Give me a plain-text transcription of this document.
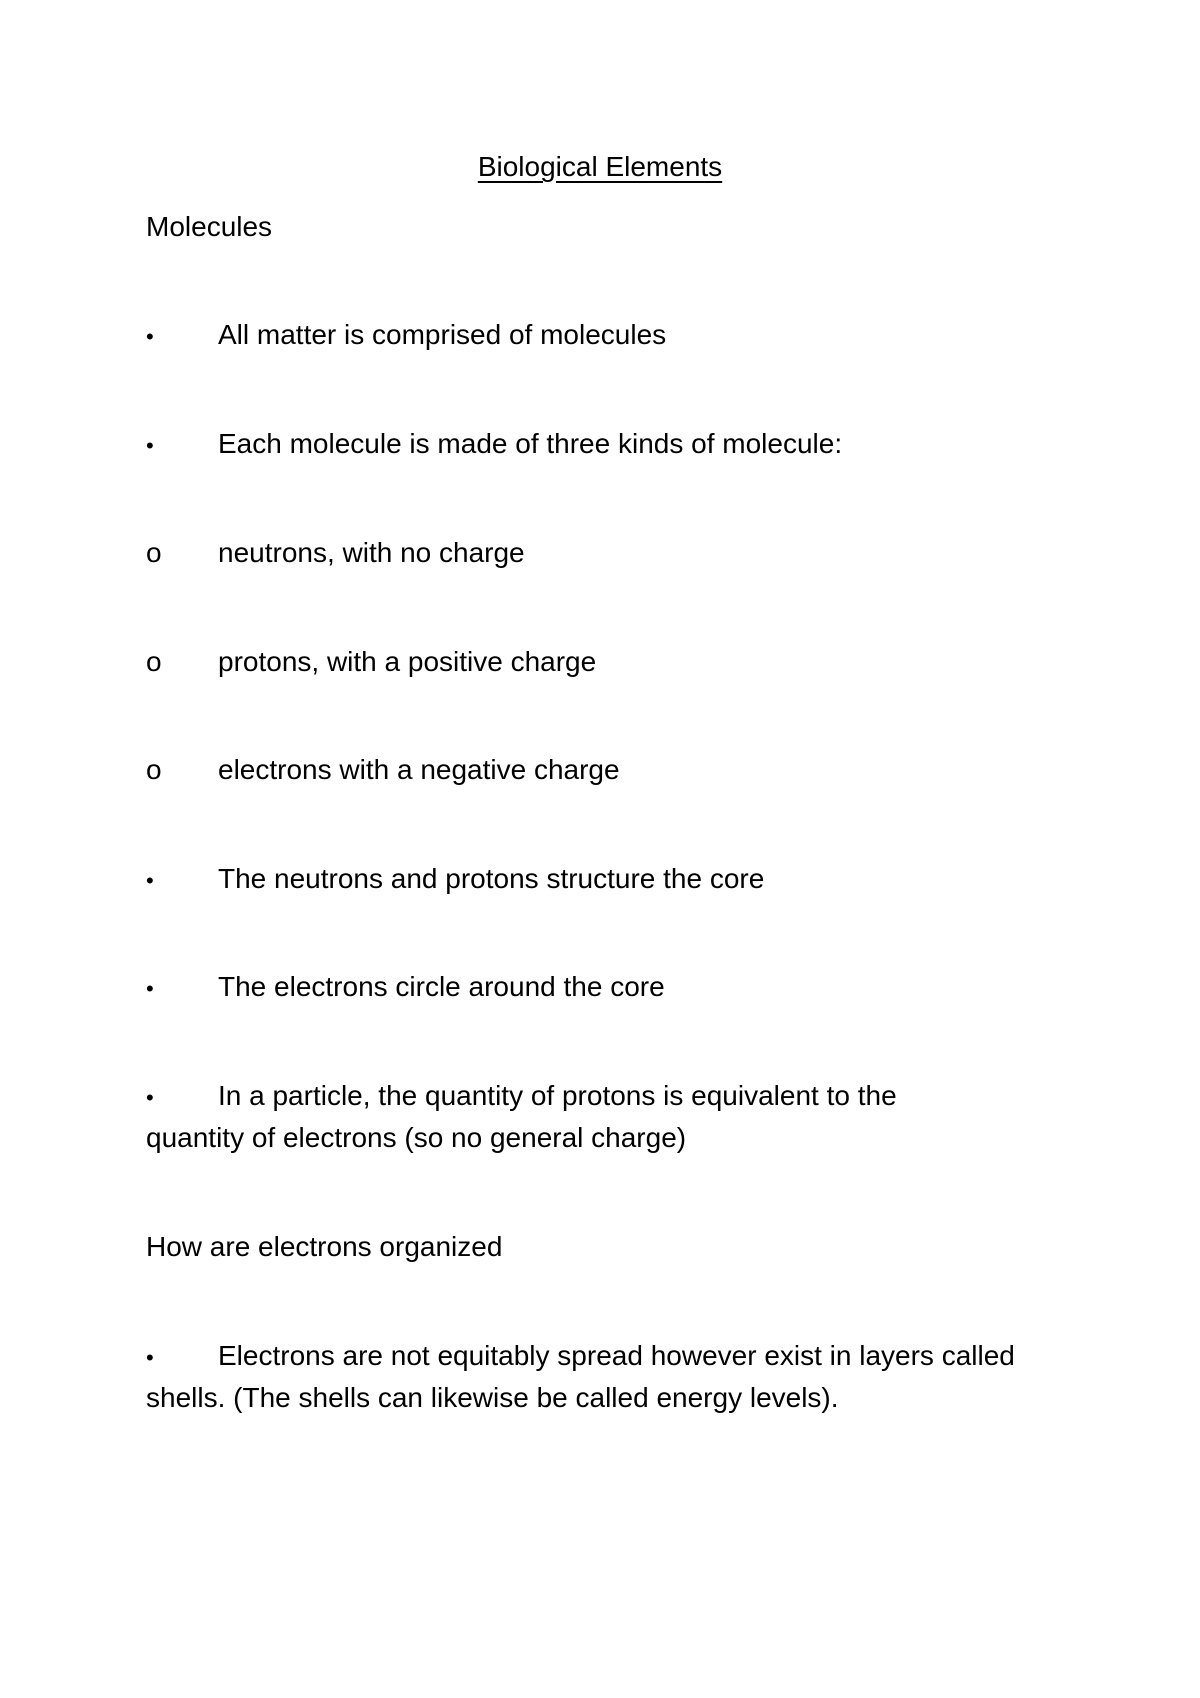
Biological Elements
Molecules
•	All matter is comprised of molecules
•	Each molecule is made of three kinds of molecule:
o	neutrons, with no charge
o	protons, with a positive charge
o	electrons with a negative charge
•	The neutrons and protons structure the core
•	The electrons circle around the core
•	In a particle, the quantity of protons is equivalent to the
quantity of electrons (so no general charge)
How are electrons organized
•	Electrons are not equitably spread however exist in layers called
shells. (The shells can likewise be called energy levels).
